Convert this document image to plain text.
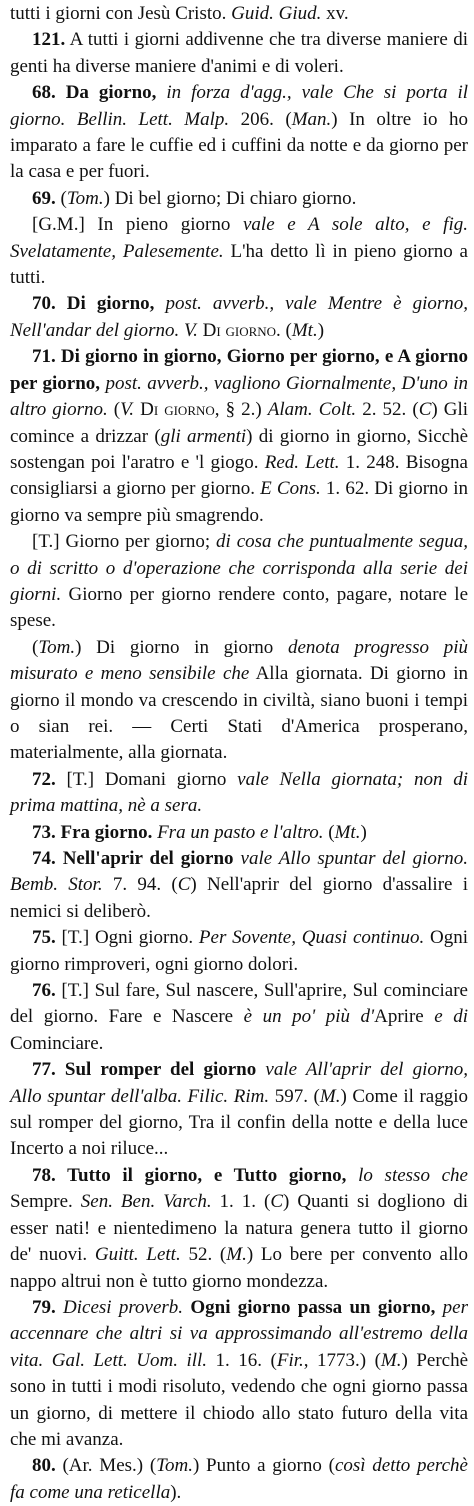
tutti i giorni con Jesù Cristo. Guid. Giud. xv.

121. A tutti i giorni addivenne che tra diverse maniere di genti ha diverse maniere d'animi e di voleri.

68. Da giorno, in forza d'agg., vale Che si porta il giorno. Bellin. Lett. Malp. 206. (Man.) In oltre io ho imparato a fare le cuffie ed i cuffini da notte e da giorno per la casa e per fuori.

69. (Tom.) Di bel giorno; Di chiaro giorno.

[G.M.] In pieno giorno vale e A sole alto, e fig. Svelatamente, Palesemente. L'ha detto lì in pieno giorno a tutti.

70. Di giorno, post. avverb., vale Mentre è giorno, Nell'andar del giorno. V. Di giorno. (Mt.)

71. Di giorno in giorno, Giorno per giorno, e A giorno per giorno, post. avverb., vagliono Giornalmente, D'uno in altro giorno. (V. Di giorno, § 2.) Alam. Colt. 2. 52. (C) Gli comince a drizzar (gli armenti) di giorno in giorno, Sicchè sostengan poi l'aratro e 'l giogo. Red. Lett. 1. 248. Bisogna consigliarsi a giorno per giorno. E Cons. 1. 62. Di giorno in giorno va sempre più smagrendo.

[T.] Giorno per giorno; di cosa che puntualmente segua, o di scritto o d'operazione che corrisponda alla serie dei giorni. Giorno per giorno rendere conto, pagare, notare le spese.

(Tom.) Di giorno in giorno denota progresso più misurato e meno sensibile che Alla giornata. Di giorno in giorno il mondo va crescendo in civiltà, siano buoni i tempi o sian rei. — Certi Stati d'America prosperano, materialmente, alla giornata.

72. [T.] Domani giorno vale Nella giornata; non di prima mattina, nè a sera.

73. Fra giorno. Fra un pasto e l'altro. (Mt.)

74. Nell'aprir del giorno vale Allo spuntar del giorno. Bemb. Stor. 7. 94. (C) Nell'aprir del giorno d'assalire i nemici si deliberò.

75. [T.] Ogni giorno. Per Sovente, Quasi continuo. Ogni giorno rimproveri, ogni giorno dolori.

76. [T.] Sul fare, Sul nascere, Sull'aprire, Sul cominciare del giorno. Fare e Nascere è un po' più d'Aprire e di Cominciare.

77. Sul romper del giorno vale All'aprir del giorno, Allo spuntar dell'alba. Filic. Rim. 597. (M.) Come il raggio sul romper del giorno, Tra il confin della notte e della luce Incerto a noi riluce...

78. Tutto il giorno, e Tutto giorno, lo stesso che Sempre. Sen. Ben. Varch. 1. 1. (C) Quanti si dogliono di esser nati! e nientedimeno la natura genera tutto il giorno de' nuovi. Guitt. Lett. 52. (M.) Lo bere per convento allo nappo altrui non è tutto giorno mondezza.

79. Dicesi proverb. Ogni giorno passa un giorno, per accennare che altri si va approssimando all'estremo della vita. Gal. Lett. Uom. ill. 1. 16. (Fir., 1773.) (M.) Perchè sono in tutti i modi risoluto, vedendo che ogni giorno passa un giorno, di mettere il chiodo allo stato futuro della vita che mi avanza.

80. (Ar. Mes.) (Tom.) Punto a giorno (così detto perchè fa come una reticella).
